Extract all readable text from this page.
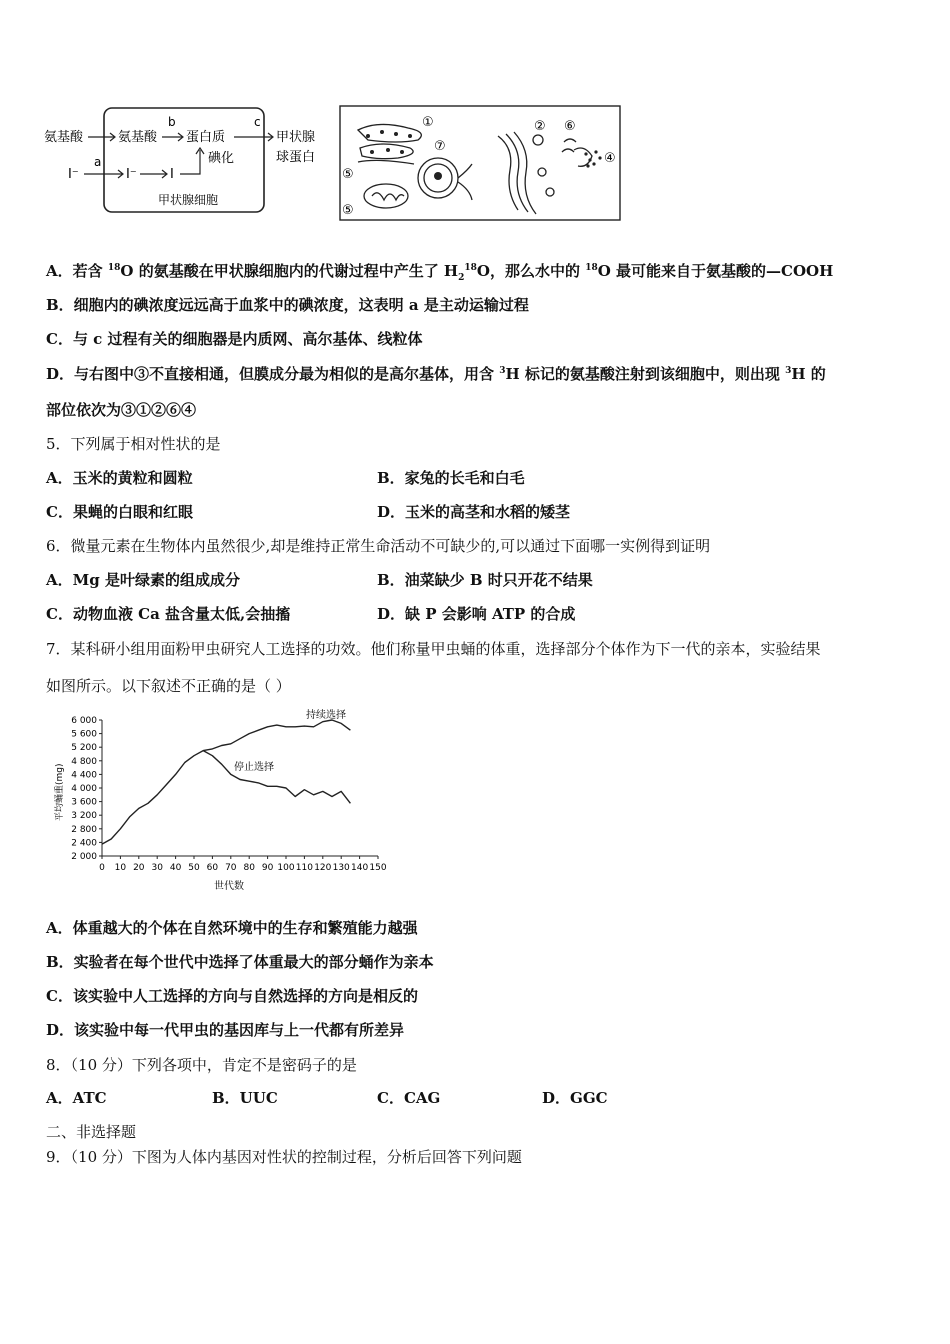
氨基酸	氨基酸 蛋白质
碘化
甲状腺
球蛋白
I⁻	I⁻	I
a
b	c
甲状腺细胞
①
⑦
⑤
⑤
② ⑥
④
③
A．若含 $^{18}$O 的氨基酸在甲状腺细胞内的代谢过程中产生了 $H_2^{18}O$，那么水中的 $^{18}$O 最可能来自于氨基酸的—COOH
B．细胞内的碘浓度远远高于血浆中的碘浓度，这表明 a 是主动运输过程
C．与 c 过程有关的细胞器是内质网、高尔基体、线粒体
D．与右图中③不直接相通，但膜成分最为相似的是高尔基体，用含 $^3$H 标记的氨基酸注射到该细胞中，则出现 $^3$H 的
部位依次为③①②⑥④
5．下列属于相对性状的是
A．玉米的黄粒和圆粒	B．家兔的长毛和白毛
C．果蝇的白眼和红眼	D．玉米的高茎和水稻的矮茎
6．微量元素在生物体内虽然很少,却是维持正常生命活动不可缺少的,可以通过下面哪一实例得到证明
A．Mg 是叶绿素的组成成分	B．油菜缺少 B 时只开花不结果
C．动物血液 Ca 盐含量太低,会抽搐	D．缺 P 会影响 ATP 的合成
7．某科研小组用面粉甲虫研究人工选择的功效。他们称量甲虫蛹的体重，选择部分个体作为下一代的亲本，实验结果
如图所示。以下叙述不正确的是（ ）
0 10 20 30 40 50 60 70 80 90 100 110 120 130 140 150
2 000
2 400
2 800
3 200
3 600
4 000
4 400
4 800
5 200
5 600
6 000
平均蛹重(mg)
世代数
持续选择
停止选择
A．体重越大的个体在自然环境中的生存和繁殖能力越强
B．实验者在每个世代中选择了体重最大的部分蛹作为亲本
C．该实验中人工选择的方向与自然选择的方向是相反的
D．该实验中每一代甲虫的基因库与上一代都有所差异
8．（10 分）下列各项中，肯定不是密码子的是
A．ATC	B．UUC	C．CAG	D．GGC
二、非选择题
9．（10 分）下图为人体内基因对性状的控制过程，分析后回答下列问题
